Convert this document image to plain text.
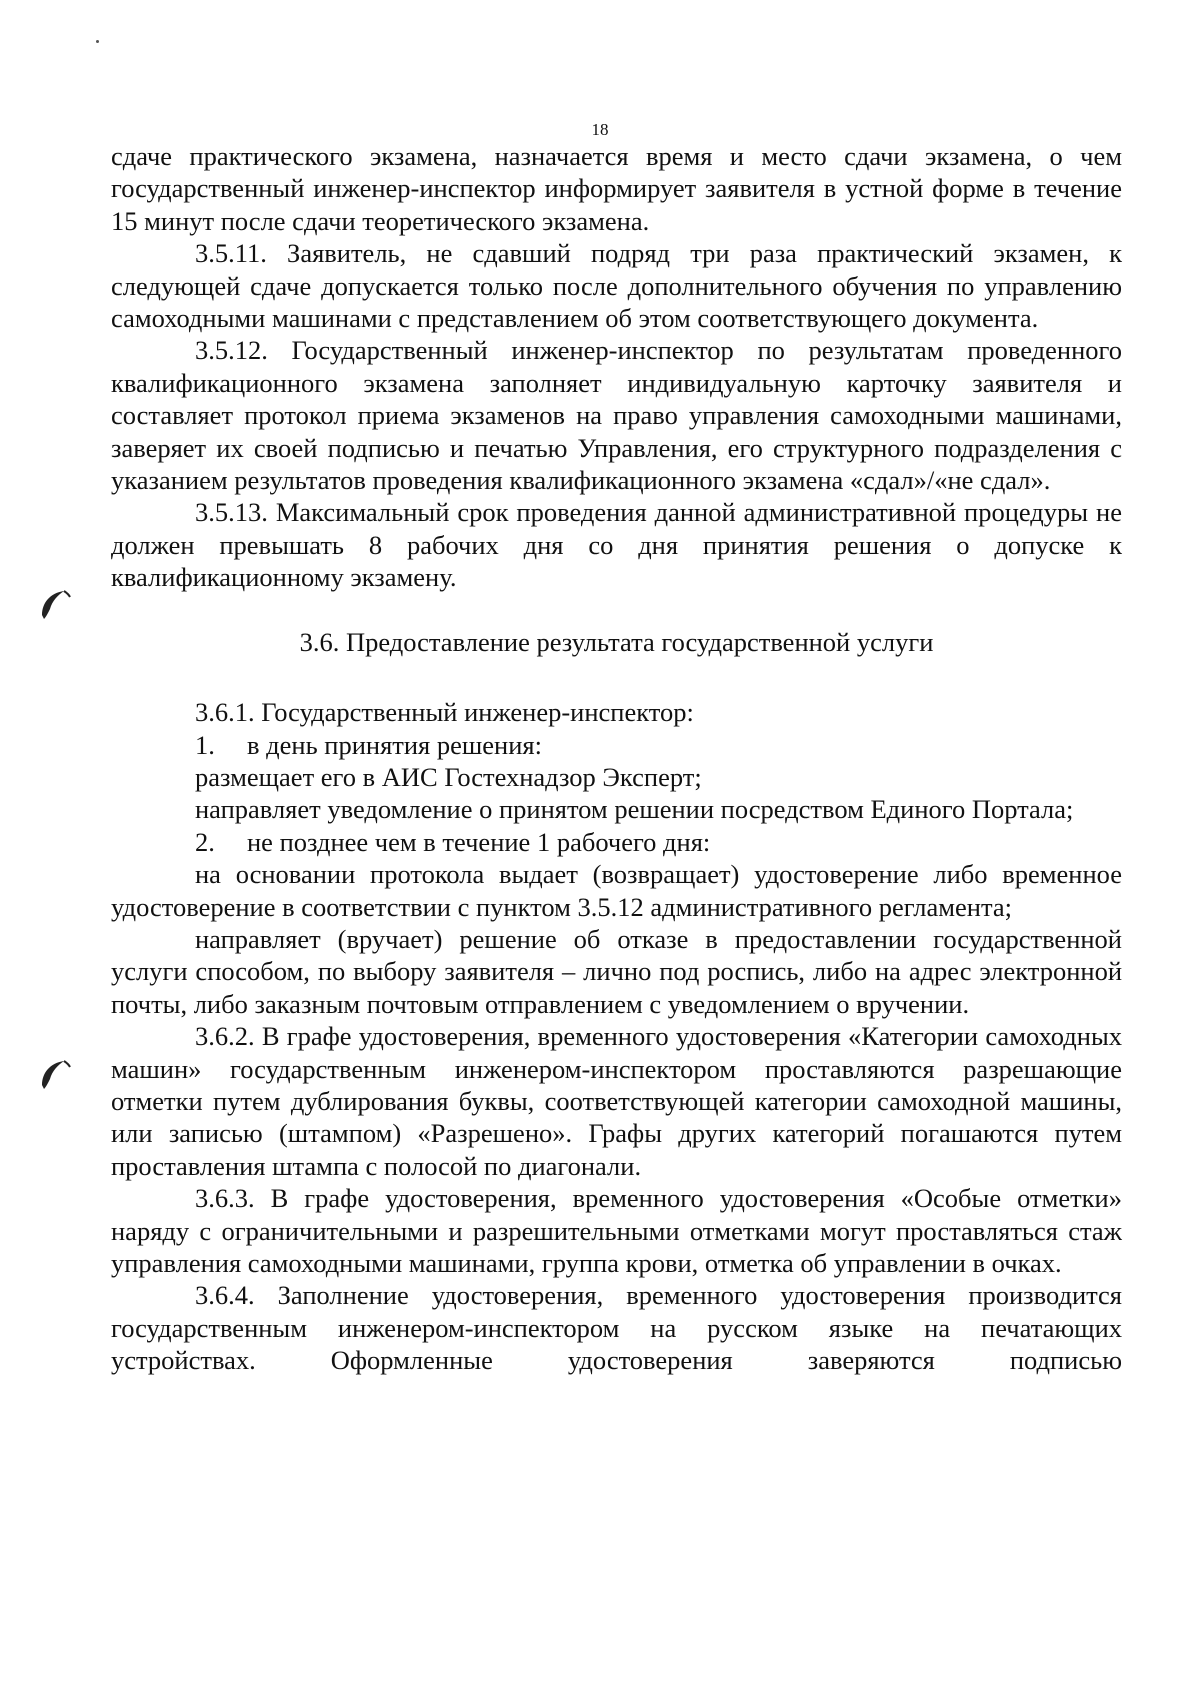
18

сдаче практического экзамена, назначается время и место сдачи экзамена, о чем государственный инженер-инспектор информирует заявителя в устной форме в течение 15 минут после сдачи теоретического экзамена.

3.5.11. Заявитель, не сдавший подряд три раза практический экзамен, к следующей сдаче допускается только после дополнительного обучения по управлению самоходными машинами с представлением об этом соответствующего документа.

3.5.12. Государственный инженер-инспектор по результатам проведенного квалификационного экзамена заполняет индивидуальную карточку заявителя и составляет протокол приема экзаменов на право управления самоходными машинами, заверяет их своей подписью и печатью Управления, его структурного подразделения с указанием результатов проведения квалификационного экзамена «сдал»/«не сдал».

3.5.13. Максимальный срок проведения данной административной процедуры не должен превышать 8 рабочих дня со дня принятия решения о допуске к квалификационному экзамену.

3.6. Предоставление результата государственной услуги

3.6.1. Государственный инженер-инспектор:

1. в день принятия решения:

размещает его в АИС Гостехнадзор Эксперт;

направляет уведомление о принятом решении посредством Единого Портала;

2. не позднее чем в течение 1 рабочего дня:

на основании протокола выдает (возвращает) удостоверение либо временное удостоверение в соответствии с пунктом 3.5.12 административного регламента;

направляет (вручает) решение об отказе в предоставлении государственной услуги способом, по выбору заявителя – лично под роспись, либо на адрес электронной почты, либо заказным почтовым отправлением с уведомлением о вручении.

3.6.2. В графе удостоверения, временного удостоверения «Категории самоходных машин» государственным инженером-инспектором проставляются разрешающие отметки путем дублирования буквы, соответствующей категории самоходной машины, или записью (штампом) «Разрешено». Графы других категорий погашаются путем проставления штампа с полосой по диагонали.

3.6.3. В графе удостоверения, временного удостоверения «Особые отметки» наряду с ограничительными и разрешительными отметками могут проставляться стаж управления самоходными машинами, группа крови, отметка об управлении в очках.

3.6.4. Заполнение удостоверения, временного удостоверения производится государственным инженером-инспектором на русском языке на печатающих устройствах. Оформленные удостоверения заверяются подписью
